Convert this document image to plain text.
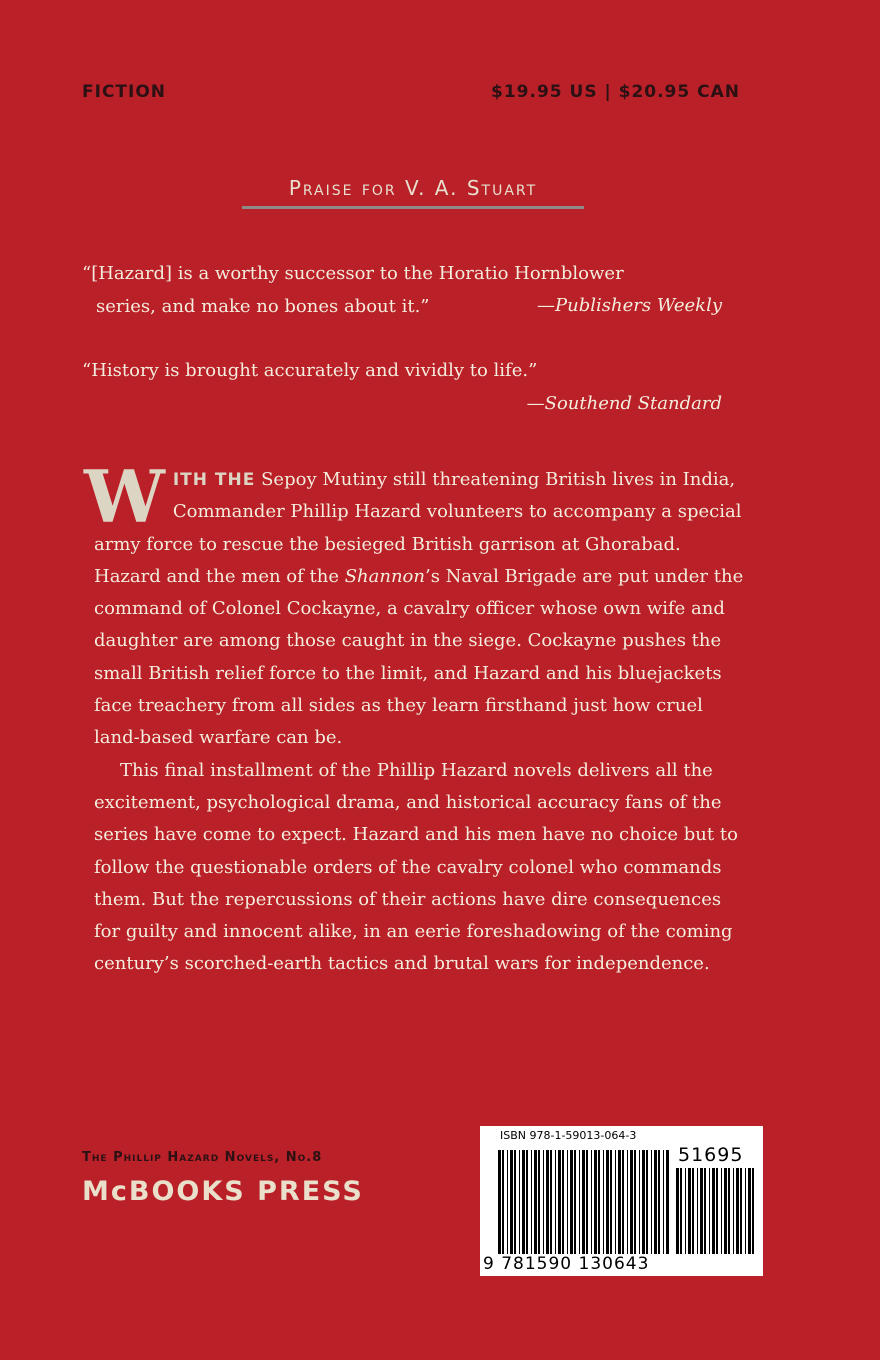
FICTION	$19.95 US | $20.95 CAN
Praise for V. A. Stuart
“[Hazard] is a worthy successor to the Horatio Hornblower
series, and make no bones about it.”	—Publishers Weekly
“History is brought accurately and vividly to life.”
—Southend Standard

WITH THE Sepoy Mutiny still threatening British lives in India, Commander Phillip Hazard volunteers to accompany a special army force to rescue the besieged British garrison at Ghorabad. Hazard and the men of the Shannon’s Naval Brigade are put under the command of Colonel Cockayne, a cavalry officer whose own wife and daughter are among those caught in the siege. Cockayne pushes the small British relief force to the limit, and Hazard and his bluejackets face treachery from all sides as they learn firsthand just how cruel land-based warfare can be.

This final installment of the Phillip Hazard novels delivers all the excitement, psychological drama, and historical accuracy fans of the series have come to expect. Hazard and his men have no choice but to follow the questionable orders of the cavalry colonel who commands them. But the repercussions of their actions have dire consequences for guilty and innocent alike, in an eerie foreshadowing of the coming century’s scorched-earth tactics and brutal wars for independence.

The Phillip Hazard Novels, No.8
McBOOKS PRESS
ISBN 978-1-59013-064-3
51695
9 781590 130643
